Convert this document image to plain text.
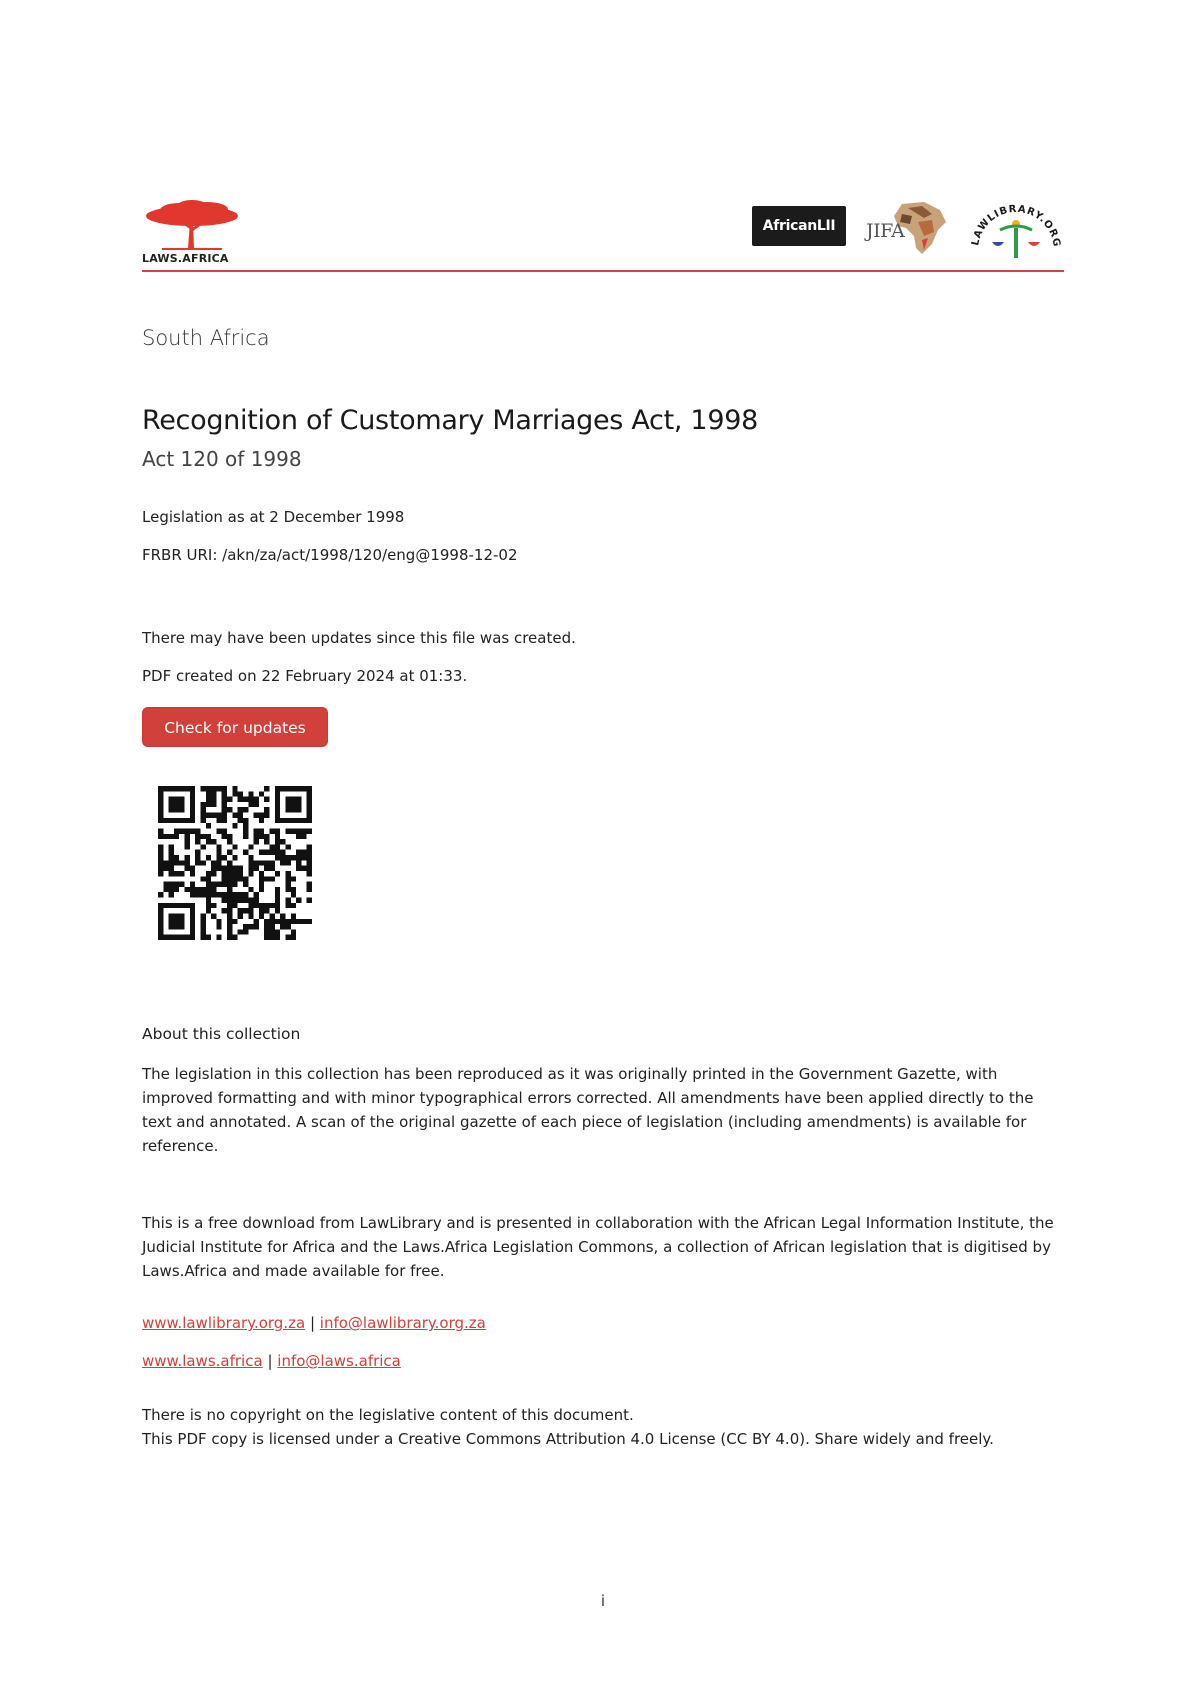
LAWS.AFRICA
AfricanLII	JIFA	LAWLIBRARY.ORG
South Africa
Recognition of Customary Marriages Act, 1998
Act 120 of 1998
Legislation as at 2 December 1998
FRBR URI: /akn/za/act/1998/120/eng@1998-12-02
There may have been updates since this file was created.
PDF created on 22 February 2024 at 01:33.
Check for updates
About this collection

The legislation in this collection has been reproduced as it was originally printed in the Government Gazette, with improved formatting and with minor typographical errors corrected. All amendments have been applied directly to the text and annotated. A scan of the original gazette of each piece of legislation (including amendments) is available for reference.

This is a free download from LawLibrary and is presented in collaboration with the African Legal Information Institute, the Judicial Institute for Africa and the Laws.Africa Legislation Commons, a collection of African legislation that is digitised by Laws.Africa and made available for free.

www.lawlibrary.org.za | info@lawlibrary.org.za
www.laws.africa | info@laws.africa
There is no copyright on the legislative content of this document.
This PDF copy is licensed under a Creative Commons Attribution 4.0 License (CC BY 4.0). Share widely and freely.
i
